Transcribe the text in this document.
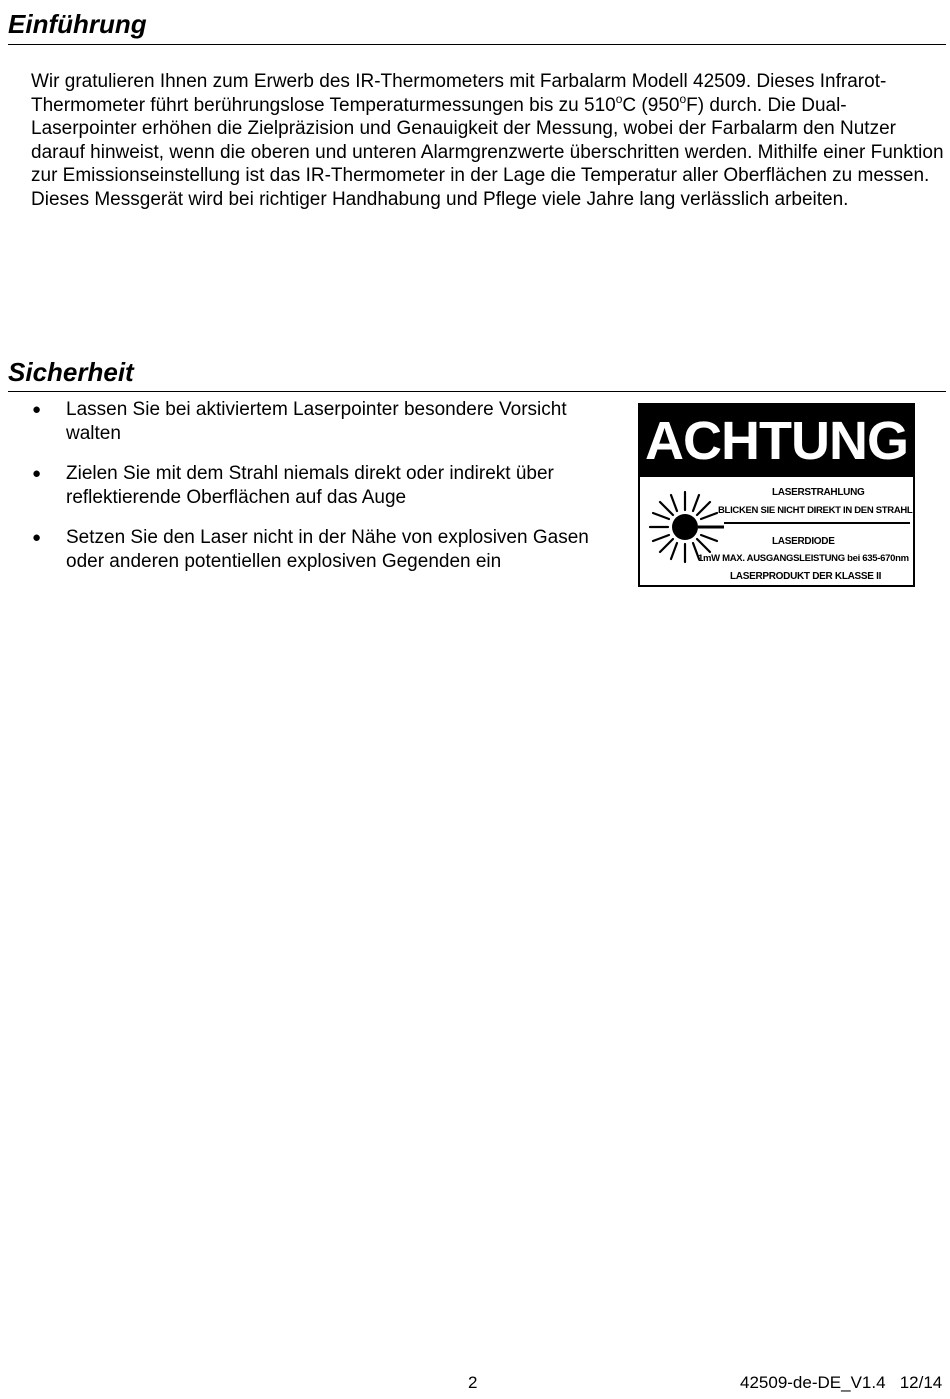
Einführung
Wir gratulieren Ihnen zum Erwerb des IR-Thermometers mit Farbalarm Modell 42509. Dieses Infrarot-Thermometer führt berührungslose Temperaturmessungen bis zu 510$^o$C (950$^o$F) durch. Die Dual-Laserpointer erhöhen die Zielpräzision und Genauigkeit der Messung, wobei der Farbalarm den Nutzer darauf hinweist, wenn die oberen und unteren Alarmgrenzwerte überschritten werden. Mithilfe einer Funktion zur Emissionseinstellung ist das IR-Thermometer in der Lage die Temperatur aller Oberflächen zu messen. Dieses Messgerät wird bei richtiger Handhabung und Pflege viele Jahre lang verlässlich arbeiten.
Sicherheit
● Lassen Sie bei aktiviertem Laserpointer besondere Vorsicht walten
● Zielen Sie mit dem Strahl niemals direkt oder indirekt über reflektierende Oberflächen auf das Auge
● Setzen Sie den Laser nicht in der Nähe von explosiven Gasen oder anderen potentiellen explosiven Gegenden ein
ACHTUNG
LASERSTRAHLUNG
BLICKEN SIE NICHT DIREKT IN DEN STRAHL
LASERDIODE
1mW MAX. AUSGANGSLEISTUNG bei 635-670nm
LASERPRODUKT DER KLASSE II
2	42509-de-DE_V1.4   12/14
